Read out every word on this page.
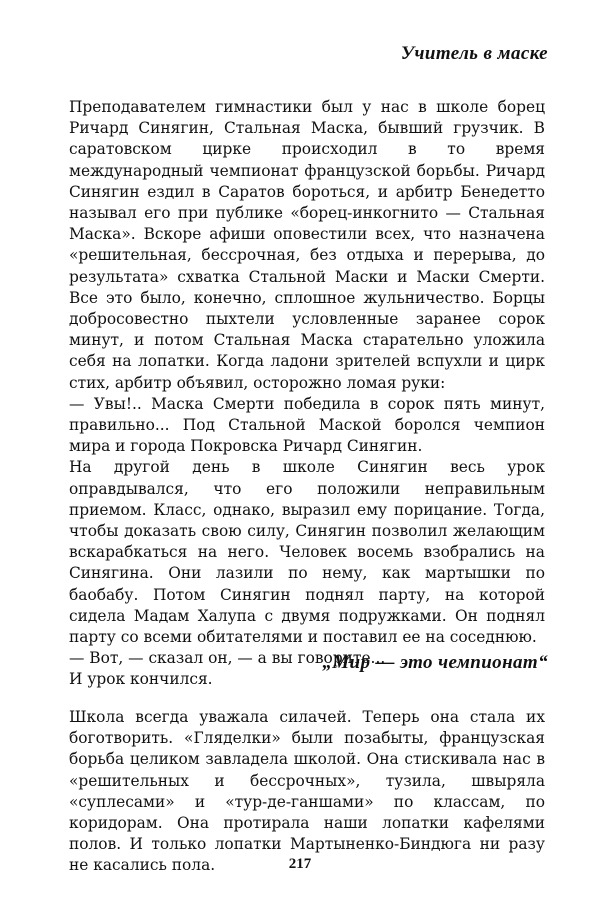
Учитель в маске

Преподавателем гимнастики был у нас в школе борец Ричард Синягин, Стальная Маска, бывший грузчик. В саратовском цирке происходил в то время международный чемпионат французской борьбы. Ричард Синягин ездил в Саратов бороться, и арбитр Бенедетто называл его при публике «борец-инкогнито — Стальная Маска». Вскоре афиши оповестили всех, что назначена «решительная, бессрочная, без отдыха и перерыва, до результата» схватка Стальной Маски и Маски Смерти. Все это было, конечно, сплошное жульничество. Борцы добросовестно пыхтели условленные заранее сорок минут, и потом Стальная Маска старательно уложила себя на лопатки. Когда ладони зрителей вспухли и цирк стих, арбитр объявил, осторожно ломая руки:

— Увы!.. Маска Смерти победила в сорок пять минут, правильно... Под Стальной Маской боролся чемпион мира и города Покровска Ричард Синягин.

На другой день в школе Синягин весь урок оправдывался, что его положили неправильным приемом. Класс, однако, выразил ему порицание. Тогда, чтобы доказать свою силу, Синягин позволил желающим вскарабкаться на него. Человек восемь взобрались на Синягина. Они лазили по нему, как мартышки по баобабу. Потом Синягин поднял парту, на которой сидела Мадам Халупа с двумя подружками. Он поднял парту со всеми обитателями и поставил ее на соседнюю.

— Вот, — сказал он, — а вы говорите...

И урок кончился.

„Мир — это чемпионат“

Школа всегда уважала силачей. Теперь она стала их боготворить. «Гляделки» были позабыты, французская борьба целиком завладела школой. Она стискивала нас в «решительных и бессрочных», тузила, швыряла «суплесами» и «тур-де-ганшами» по классам, по коридорам. Она протирала наши лопатки кафелями полов. И только лопатки Мартыненко-Биндюга ни разу не касались пола.	217
